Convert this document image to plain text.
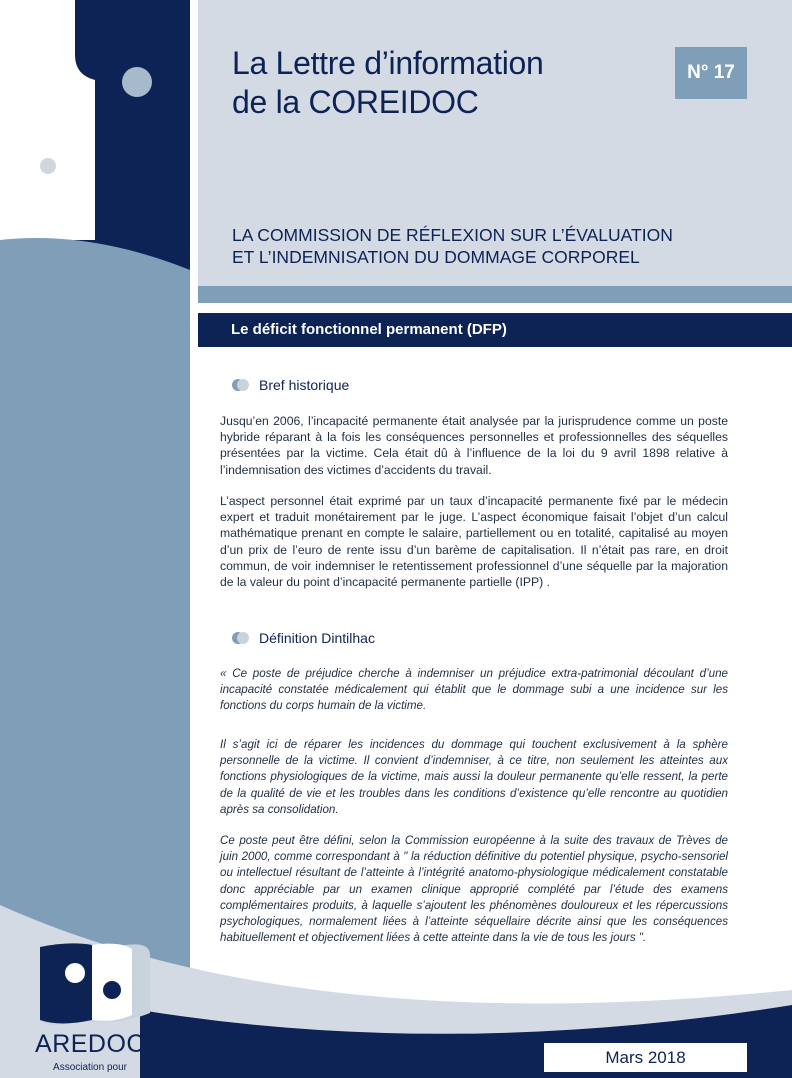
La Lettre d’information
de la COREIDOC
N° 17
LA COMMISSION DE RÉFLEXION SUR L’ÉVALUATION
ET L’INDEMNISATION DU DOMMAGE CORPOREL
Le déficit fonctionnel permanent (DFP)
Bref historique

Jusqu’en 2006, l’incapacité permanente était analysée par la jurisprudence comme un poste hybride réparant à la fois les conséquences personnelles et professionnelles des séquelles présentées par la victime. Cela était dû à l’influence de la loi du 9 avril 1898 relative à l’indemnisation des victimes d’accidents du travail.

L’aspect personnel était exprimé par un taux d’incapacité permanente fixé par le médecin expert et traduit monétairement par le juge. L’aspect économique faisait l’objet d’un calcul mathématique prenant en compte le salaire, partiellement ou en totalité, capitalisé au moyen d’un prix de l’euro de rente issu d’un barème de capitalisation. Il n’était pas rare, en droit commun, de voir indemniser le retentissement professionnel d’une séquelle par la majoration de la valeur du point d’incapacité permanente partielle (IPP) .

Définition Dintilhac

« Ce poste de préjudice cherche à indemniser un préjudice extra-patrimonial découlant d’une incapacité constatée médicalement qui établit que le dommage subi a une incidence sur les fonctions du corps humain de la victime.

Il s’agit ici de réparer les incidences du dommage qui touchent exclusivement à la sphère personnelle de la victime. Il convient d’indemniser, à ce titre, non seulement les atteintes aux fonctions physiologiques de la victime, mais aussi la douleur permanente qu’elle ressent, la perte de la qualité de vie et les troubles dans les conditions d’existence qu’elle rencontre au quotidien après sa consolidation.

Ce poste peut être défini, selon la Commission européenne à la suite des travaux de Trèves de juin 2000, comme correspondant à " la réduction définitive du potentiel physique, psycho-sensoriel ou intellectuel résultant de l’atteinte à l’intégrité anatomo-physiologique médicalement constatable donc appréciable par un examen clinique approprié complété par l’étude des examens complémentaires produits, à laquelle s’ajoutent les phénomènes douloureux et les répercussions psychologiques, normalement liées à l’atteinte séquellaire décrite ainsi que les conséquences habituellement et objectivement liées à cette atteinte dans la vie de tous les jours ".

AREDOC

Association pour

Mars 2018
